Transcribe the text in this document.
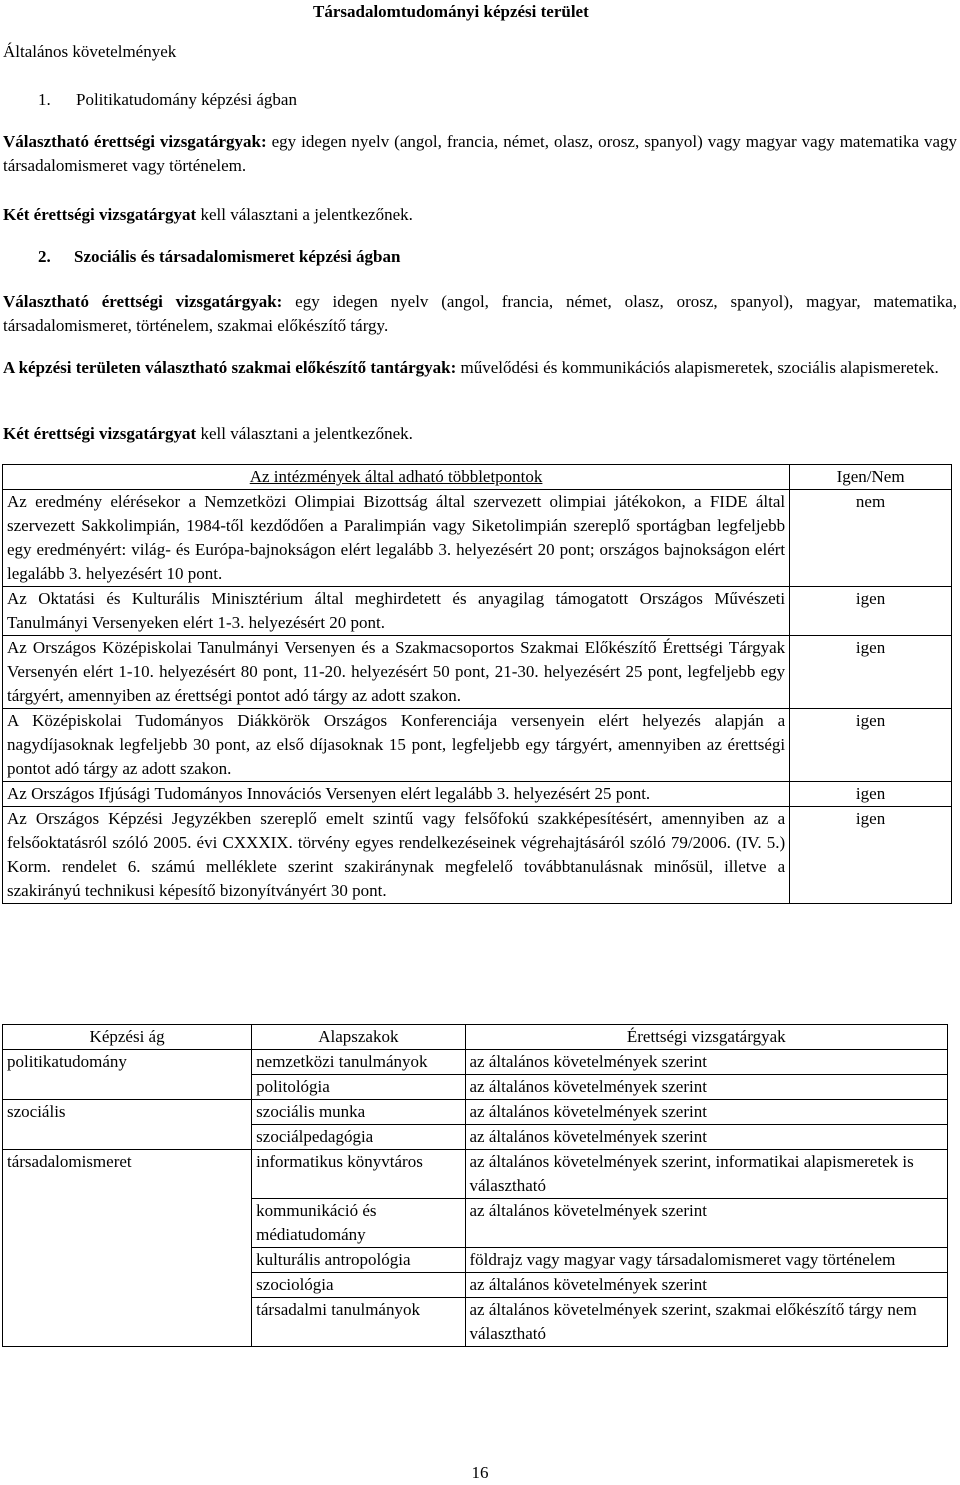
Társadalomtudományi képzési terület
Általános követelmények
1. Politikatudomány képzési ágban
Választható érettségi vizsgatárgyak: egy idegen nyelv (angol, francia, német, olasz, orosz, spanyol) vagy magyar vagy matematika vagy társadalomismeret vagy történelem.
Két érettségi vizsgatárgyat kell választani a jelentkezőnek.
2. Szociális és társadalomismeret képzési ágban
Választható érettségi vizsgatárgyak: egy idegen nyelv (angol, francia, német, olasz, orosz, spanyol), magyar, matematika, társadalomismeret, történelem, szakmai előkészítő tárgy.
A képzési területen választható szakmai előkészítő tantárgyak: művelődési és kommunikációs alapismeretek, szociális alapismeretek.
Két érettségi vizsgatárgyat kell választani a jelentkezőnek.
Az intézmények által adható többletpontok	Igen/Nem
Az eredmény elérésekor a Nemzetközi Olimpiai Bizottság által szervezett olimpiai játékokon, a FIDE által szervezett Sakkolimpián, 1984-től kezdődően a Paralimpián vagy Siketolimpián szereplő sportágban legfeljebb egy eredményért: világ- és Európa-bajnokságon elért legalább 3. helyezésért 20 pont; országos bajnokságon elért legalább 3. helyezésért 10 pont.	nem
Az Oktatási és Kulturális Minisztérium által meghirdetett és anyagilag támogatott Országos Művészeti Tanulmányi Versenyeken elért 1-3. helyezésért 20 pont.	igen
Az Országos Középiskolai Tanulmányi Versenyen és a Szakmacsoportos Szakmai Előkészítő Érettségi Tárgyak Versenyén elért 1-10. helyezésért 80 pont, 11-20. helyezésért 50 pont, 21-30. helyezésért 25 pont, legfeljebb egy tárgyért, amennyiben az érettségi pontot adó tárgy az adott szakon.	igen
A Középiskolai Tudományos Diákkörök Országos Konferenciája versenyein elért helyezés alapján a nagydíjasoknak legfeljebb 30 pont, az első díjasoknak 15 pont, legfeljebb egy tárgyért, amennyiben az érettségi pontot adó tárgy az adott szakon.	igen
Az Országos Ifjúsági Tudományos Innovációs Versenyen elért legalább 3. helyezésért 25 pont.	igen
Az Országos Képzési Jegyzékben szereplő emelt szintű vagy felsőfokú szakképesítésért, amennyiben az a felsőoktatásról szóló 2005. évi CXXXIX. törvény egyes rendelkezéseinek végrehajtásáról szóló 79/2006. (IV. 5.) Korm. rendelet 6. számú melléklete szerint szakiránynak megfelelő továbbtanulásnak minősül, illetve a szakirányú technikusi képesítő bizonyítványért 30 pont.	igen
Képzési ág	Alapszakok	Érettségi vizsgatárgyak
politikatudomány	nemzetközi tanulmányok	az általános követelmények szerint
	politológia	az általános követelmények szerint
szociális	szociális munka	az általános követelmények szerint
	szociálpedagógia	az általános követelmények szerint
társadalomismeret	informatikus könyvtáros	az általános követelmények szerint, informatikai alapismeretek is választható
	kommunikáció és médiatudomány	az általános követelmények szerint
	kulturális antropológia	földrajz vagy magyar vagy társadalomismeret vagy történelem
	szociológia	az általános követelmények szerint
	társadalmi tanulmányok	az általános követelmények szerint, szakmai előkészítő tárgy nem választható
16
